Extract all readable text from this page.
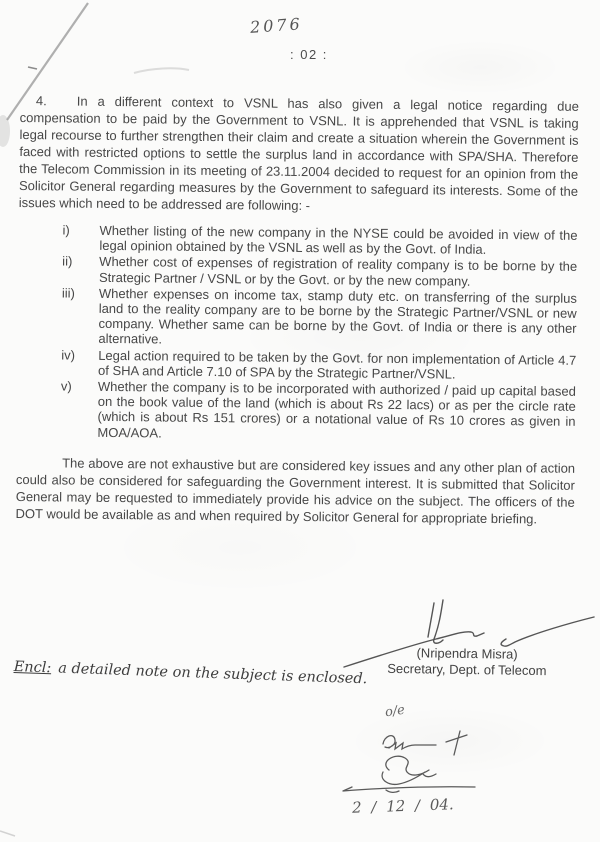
2076
: 02 :

4. In a different context to VSNL has also given a legal notice regarding due compensation to be paid by the Government to VSNL. It is apprehended that VSNL is taking legal recourse to further strengthen their claim and create a situation wherein the Government is faced with restricted options to settle the surplus land in accordance with SPA/SHA. Therefore the Telecom Commission in its meeting of 23.11.2004 decided to request for an opinion from the Solicitor General regarding measures by the Government to safeguard its interests. Some of the issues which need to be addressed are following: -

i)	Whether listing of the new company in the NYSE could be avoided in view of the legal opinion obtained by the VSNL as well as by the Govt. of India.
ii)	Whether cost of expenses of registration of reality company is to be borne by the Strategic Partner / VSNL or by the Govt. or by the new company.
iii)	Whether expenses on income tax, stamp duty etc. on transferring of the surplus land to the reality company are to be borne by the Strategic Partner/VSNL or new company. Whether same can be borne by the Govt. of India or there is any other alternative.
iv)	Legal action required to be taken by the Govt. for non implementation of Article 4.7 of SHA and Article 7.10 of SPA by the Strategic Partner/VSNL.
v)	Whether the company is to be incorporated with authorized / paid up capital based on the book value of the land (which is about Rs 22 lacs) or as per the circle rate (which is about Rs 151 crores) or a notational value of Rs 10 crores as given in MOA/AOA.

The above are not exhaustive but are considered key issues and any other plan of action could also be considered for safeguarding the Government interest. It is submitted that Solicitor General may be requested to immediately provide his advice on the subject. The officers of the DOT would be available as and when required by Solicitor General for appropriate briefing.

(Nripendra Misra)
Secretary, Dept. of Telecom
Encl: a detailed note on the subject is enclosed.
o/e
2 / 12 / 04.
